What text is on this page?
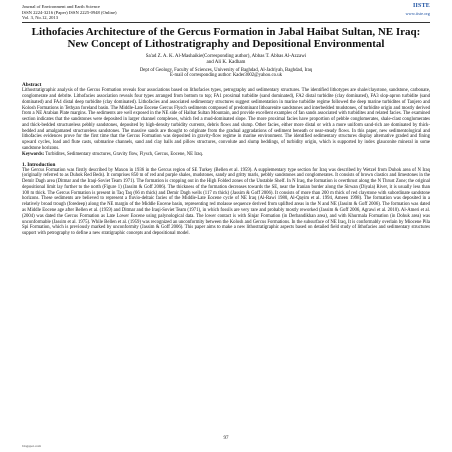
Journal of Environment and Earth Science
ISSN 2224-3216 (Paper) ISSN 2225-0948 (Online)
Vol. 3, No.12, 2013
IISTE
www.iiste.org
Lithofacies Architecture of the Gercus Formation in Jabal Haibat Sultan, NE Iraq: New Concept of Lithostratigraphy and Depositional Environmental
Sa'ad Z. A. K. Al-Mashaikie(Corresponding author), Abbas T. Abbas Al-Azzawi
and Ali K. Kadham
Dept of Geology, Faculty of Sciences, University of Baghdad, Al-Jadriyah, Baghdad, Iraq
E-mail of corresponding author: Kader3002@yahoo.co.uk
Abstract

Lithostratigraphic analysis of the Gercus Formation reveals four associations based on lithofacies types, petrography and sedimentary structures. The identified lithotypes are shale/claystone, sandstone, carbonate, conglomerate and debrite. Lithofacies association reveals four types arranged from bottom to top; FA1 proximal turbidite (sand dominated), FA2 distal turbidite (clay dominated), FA3 slop-apron turbidite (sand dominated) and FA4 distal deep turbidite (clay dominated). Lithofacies and associated sedimentary structures suggest sedimentation in marine turbidite regime followed the deep marine turbidites of Tanjero and Kolosh Formations in Tethyan foreland basin. The Middle-Late Eocene Gercus Flysch sediments composed of predominant lithoarenite sandstones and interbedded mudstones, of turbidite origin and mostly derived from a NE Arabian Plate margins. The sediments are well exposed in the NE side of Haibat Sultan Mountain, and provide excellent examples of fan sands associated with turbidites and related facies. The examined section indicates that the sandstones were deposited in larger channel complexes, which fed a mud-dominated slope. The more proximal facies have proportion of pebble conglomerates, shale-clast conglomerates and thick-bedded structureless pebbly sandstones, deposited by high-density turbidity currents, debris flows and slump. Other facies, either more distal or with a more uniform sand-rich are dominated by thick-bedded and amalgamated structureless sandstones. The massive sands are thought to originate from the gradual aggradations of sediment beneath or near-steady flows. In this paper, new sedimentological and lithofacies evidences prove for the first time that the Gercus Formation was deposited in gravity-flow regime in marine environment. The identified sedimentary structures display alternative graded and fining upward cycles, load and flute casts, submarine channels, sand and clay balls and pillow structures, convolute and slump beddings, of turbidity origin, which is supported by index glauconite mineral in some sandstone horizons.

Keywords: Turbidites, Sedimentary structures, Gravity flow, Flysch, Gercus, Eocene, NE Iraq.

1. Introduction

The Gercus Formation was firstly described by Maxon in 1936 in the Gercus region of SE Turkey (Bellen et al. 1959). A supplementary type section for Iraq was described by Wetzel from Duhok area of N Iraq (originally referred to as Duhok Red Beds). It comprises 850 m of red and purple shales, mudstones, sandy and gritty marls, pebbly sandstones and conglomerates. It consists of brown clastics and limestones in the Demir Dagh area (Ditmar and the Iraqi-Soviet Team 1971). The formation is cropping out in the High Folded zones of the Unstable Shelf. In N Iraq, the formation is overthrust along the N Thrust Zone; the original depositional limit lay further to the north (Figure 1) (Jassim & Goff 2006). The thickness of the formation decreases towards the SE, near the Iranian border along the Sirwan (Diyala) River, it is usually less than 100 m thick. The Gercus Formation is present in Taq Taq (66 m thick) and Demir Dagh wells (117 m thick) (Jassim & Goff 2006). It consists of more than 200 m thick of red claystone with subordinate sandstone horizons. These sediments are believed to represent a fluvio-deltaic facies of the Middle-Late Eocene cycle of NE Iraq (Al-Rawi 1980, Al-Qayim et al. 1994, Ameen 1998). The formation was deposited in a relatively broad trough (foredeep) along the NE margin of the Middle Eocene basin, representing red molasse sequence derived from uplifted areas in the N and NE (Jassim & Goff 2006). The formation was dated as Middle Eocene age after Bellen et al. (1959) and Ditmar and the Iraqi-Soviet Team (1971), in which fossils are very rare and probably mostly reworked (Jassim & Goff 2006, Agrawi et al. 2010). Al-Ameri et al. (2004) was dated the Gercus Formation as Late Lower Eocene using palynological data. The lower contact is with Sinjar Formation (in Derbandikhan area), and with Khurmala Formation (in Dohuk area) was unconformable (Jassim et al. 1975). While Bellen et al. (1959) was recognized an unconformity between the Kolosh and Gercus Formations. In the subsurface of NE Iraq, It is conformably overlain by Miocene Pila Spi Formation, which is previously marked by unconformity (Jassim & Goff 2006). This paper aims to make a new lithostratigraphic aspects based on detailed field study of lithofacies and sedimentary structures support with petrography to define a new stratigraphic concepts and depositional model.

97
blogspot.com
